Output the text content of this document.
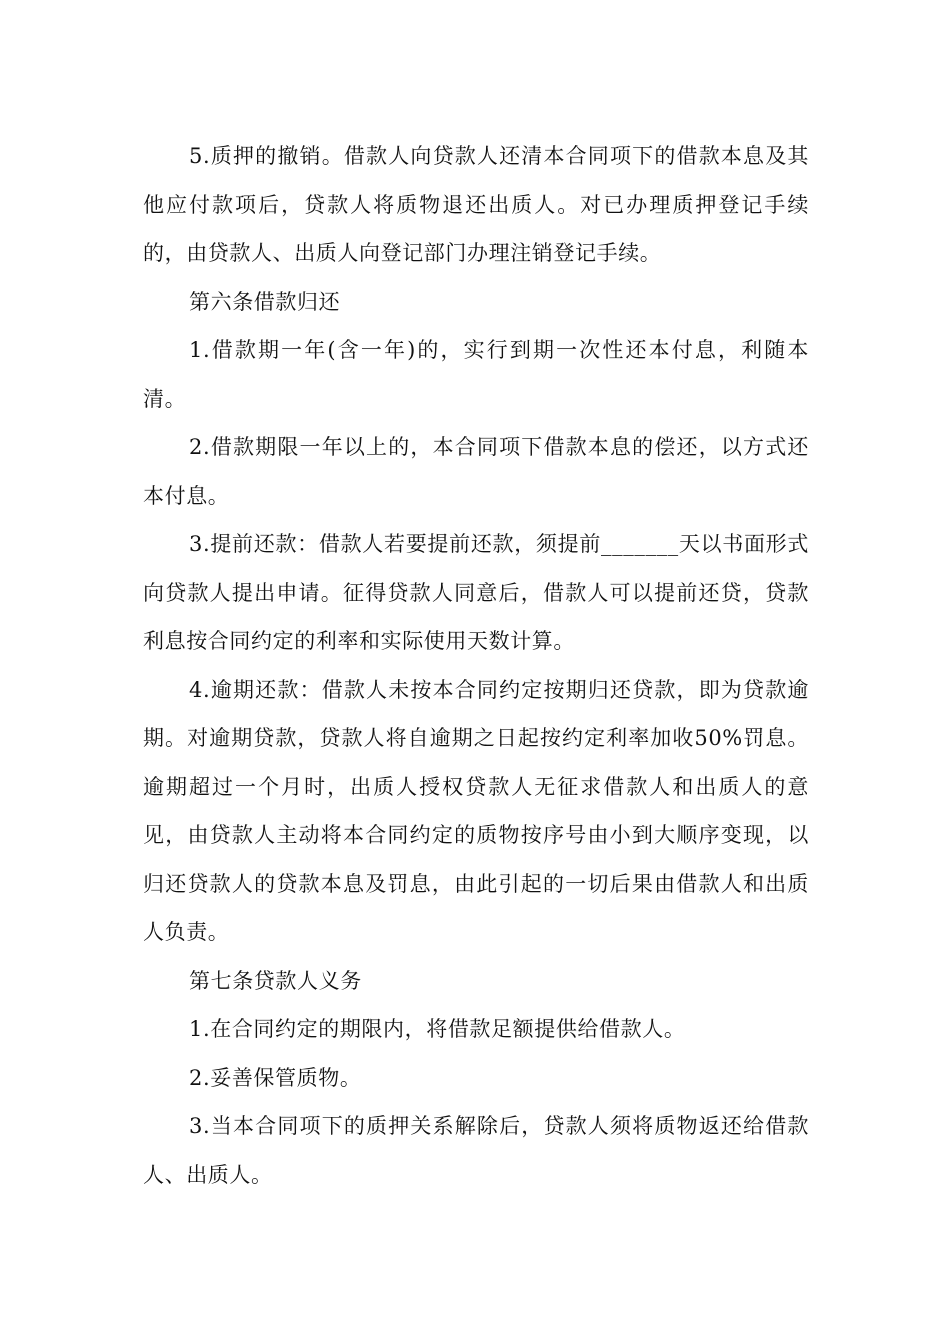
5.质押的撤销。借款人向贷款人还清本合同项下的借款本息及其他应付款项后，贷款人将质物退还出质人。对已办理质押登记手续的，由贷款人、出质人向登记部门办理注销登记手续。

第六条借款归还

1.借款期一年(含一年)的，实行到期一次性还本付息，利随本清。

2.借款期限一年以上的，本合同项下借款本息的偿还，以方式还本付息。

3.提前还款：借款人若要提前还款，须提前_______天以书面形式向贷款人提出申请。征得贷款人同意后，借款人可以提前还贷，贷款利息按合同约定的利率和实际使用天数计算。

4.逾期还款：借款人未按本合同约定按期归还贷款，即为贷款逾期。对逾期贷款，贷款人将自逾期之日起按约定利率加收50%罚息。逾期超过一个月时，出质人授权贷款人无征求借款人和出质人的意见，由贷款人主动将本合同约定的质物按序号由小到大顺序变现，以归还贷款人的贷款本息及罚息，由此引起的一切后果由借款人和出质人负责。

第七条贷款人义务

1.在合同约定的期限内，将借款足额提供给借款人。

2.妥善保管质物。

3.当本合同项下的质押关系解除后，贷款人须将质物返还给借款人、出质人。
